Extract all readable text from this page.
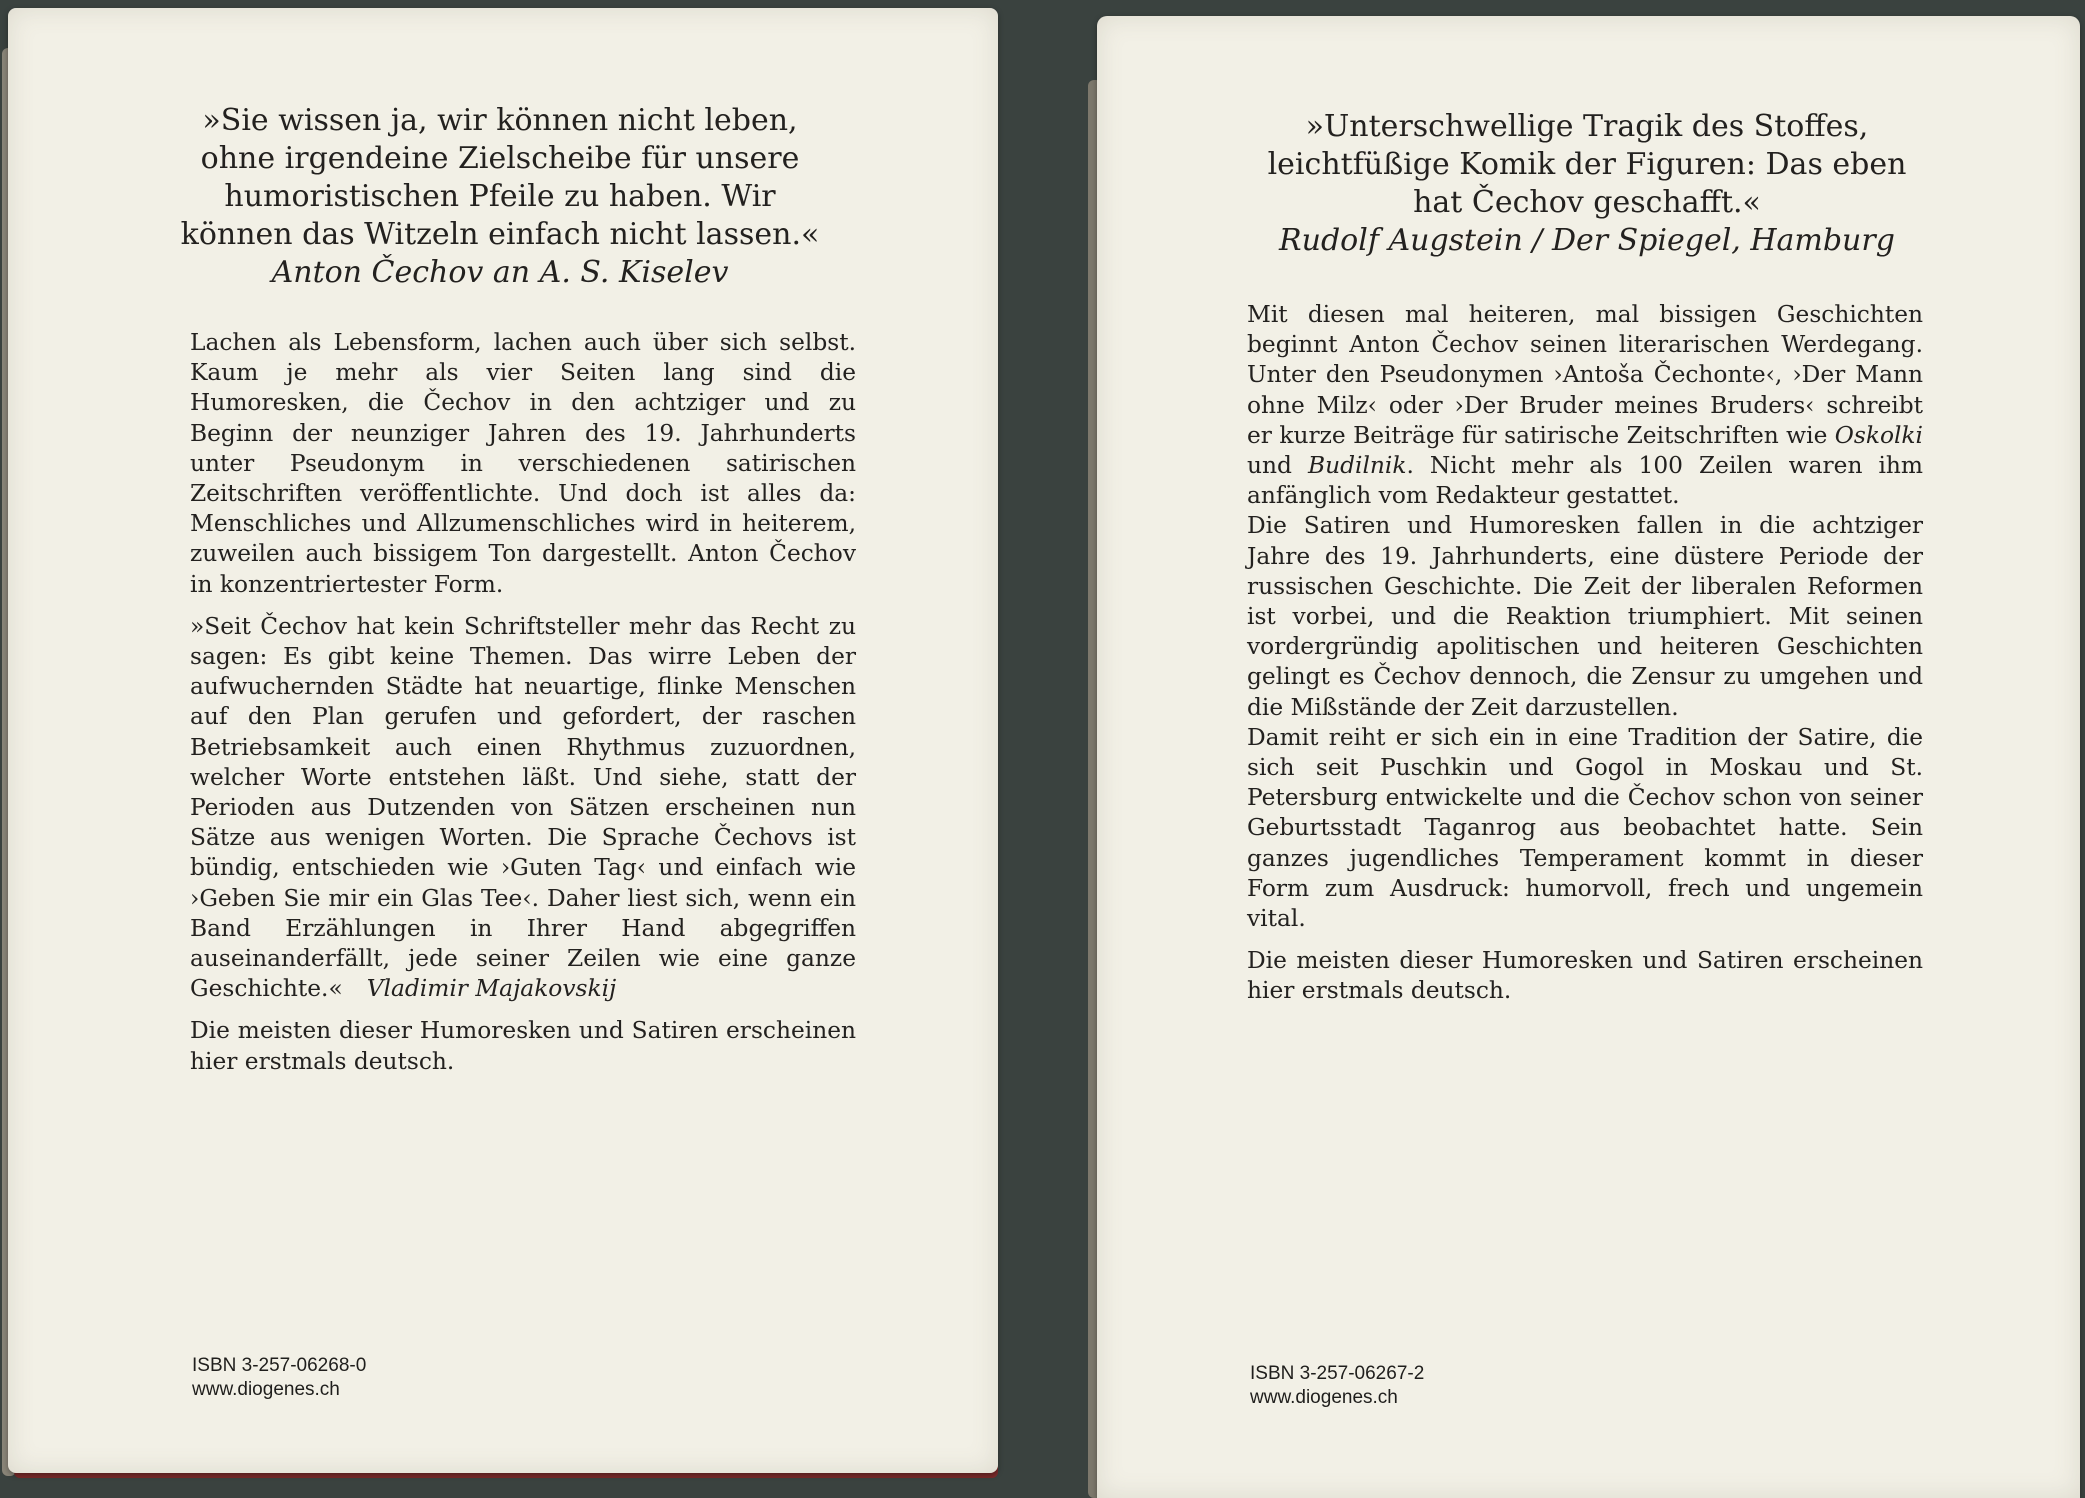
»Sie wissen ja, wir können nicht leben, ohne irgendeine Zielscheibe für unsere humoristischen Pfeile zu haben. Wir können das Witzeln einfach nicht lassen.«

Anton Čechov an A. S. Kiselev

Lachen als Lebensform, lachen auch über sich selbst. Kaum je mehr als vier Seiten lang sind die Humoresken, die Čechov in den achtziger und zu Beginn der neunziger Jahren des 19. Jahrhunderts unter Pseudonym in verschiedenen satirischen Zeitschriften veröffentlichte. Und doch ist alles da: Menschliches und Allzumenschliches wird in heiterem, zuweilen auch bissigem Ton dargestellt. Anton Čechov in konzentriertester Form.

»Seit Čechov hat kein Schriftsteller mehr das Recht zu sagen: Es gibt keine Themen. Das wirre Leben der aufwuchernden Städte hat neuartige, flinke Menschen auf den Plan gerufen und gefordert, der raschen Betriebsamkeit auch einen Rhythmus zuzuordnen, welcher Worte entstehen läßt. Und siehe, statt der Perioden aus Dutzenden von Sätzen erscheinen nun Sätze aus wenigen Worten. Die Sprache Čechovs ist bündig, entschieden wie ›Guten Tag‹ und einfach wie ›Geben Sie mir ein Glas Tee‹. Daher liest sich, wenn ein Band Erzählungen in Ihrer Hand abgegriffen auseinanderfällt, jede seiner Zeilen wie eine ganze Geschichte.« Vladimir Majakovskij

Die meisten dieser Humoresken und Satiren erscheinen hier erstmals deutsch.

ISBN 3-257-06268-0
www.diogenes.ch

»Unterschwellige Tragik des Stoffes, leichtfüßige Komik der Figuren: Das eben hat Čechov geschafft.«

Rudolf Augstein / Der Spiegel, Hamburg

Mit diesen mal heiteren, mal bissigen Geschichten beginnt Anton Čechov seinen literarischen Werdegang. Unter den Pseudonymen ›Antoša Čechonte‹, ›Der Mann ohne Milz‹ oder ›Der Bruder meines Bruders‹ schreibt er kurze Beiträge für satirische Zeitschriften wie Oskolki und Budilnik. Nicht mehr als 100 Zeilen waren ihm anfänglich vom Redakteur gestattet.

Die Satiren und Humoresken fallen in die achtziger Jahre des 19. Jahrhunderts, eine düstere Periode der russischen Geschichte. Die Zeit der liberalen Reformen ist vorbei, und die Reaktion triumphiert. Mit seinen vordergründig apolitischen und heiteren Geschichten gelingt es Čechov dennoch, die Zensur zu umgehen und die Mißstände der Zeit darzustellen.

Damit reiht er sich ein in eine Tradition der Satire, die sich seit Puschkin und Gogol in Moskau und St. Petersburg entwickelte und die Čechov schon von seiner Geburtsstadt Taganrog aus beobachtet hatte. Sein ganzes jugendliches Temperament kommt in dieser Form zum Ausdruck: humorvoll, frech und ungemein vital.

Die meisten dieser Humoresken und Satiren erscheinen hier erstmals deutsch.

ISBN 3-257-06267-2
www.diogenes.ch
